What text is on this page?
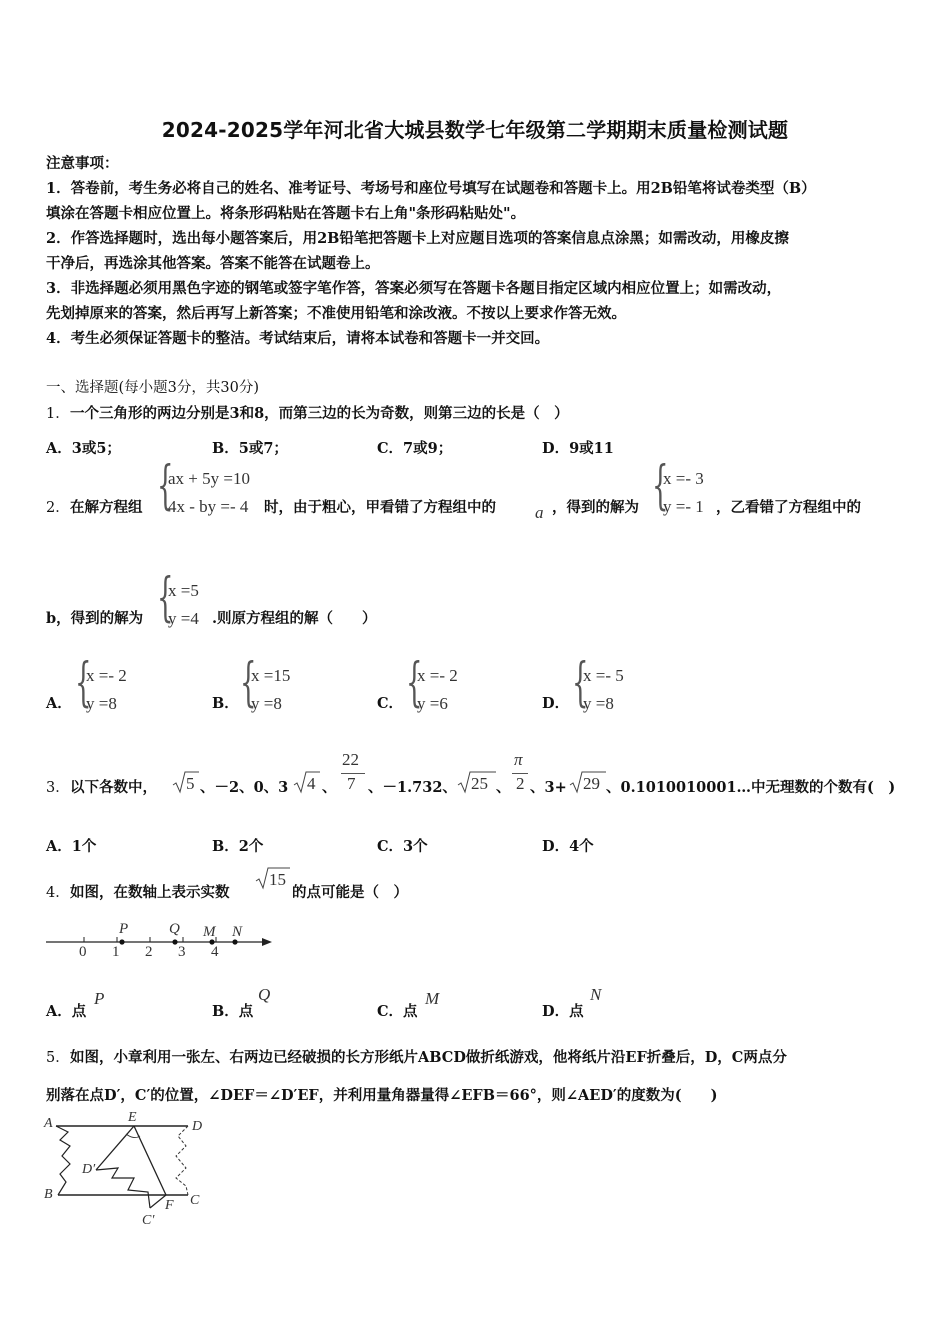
2024-2025学年河北省大城县数学七年级第二学期期末质量检测试题
注意事项：
1．答卷前，考生务必将自己的姓名、准考证号、考场号和座位号填写在试题卷和答题卡上。用2B铅笔将试卷类型（B）
填涂在答题卡相应位置上。将条形码粘贴在答题卡右上角"条形码粘贴处"。
2．作答选择题时，选出每小题答案后，用2B铅笔把答题卡上对应题目选项的答案信息点涂黑；如需改动，用橡皮擦
干净后，再选涂其他答案。答案不能答在试题卷上。
3．非选择题必须用黑色字迹的钢笔或签字笔作答，答案必须写在答题卡各题目指定区域内相应位置上；如需改动，
先划掉原来的答案，然后再写上新答案；不准使用铅笔和涂改液。不按以上要求作答无效。
4．考生必须保证答题卡的整洁。考试结束后，请将本试卷和答题卡一并交回。
一、选择题(每小题3分，共30分)
1． 一个三角形的两边分别是3和8，而第三边的长为奇数，则第三边的长是（　）
A．3或5；	B．5或7；	C．7或9；	D．9或11
2． 在解方程组 {
ax + 5y =10
4x - by =- 4 时，由于粗心，甲看错了方程组中的 a ，得到的解为 {
x =- 3
y =- 1 ，乙看错了方程组中的
b，得到的解为 {
x =5
y =4 .则原方程组的解（　　）
A． {
x =- 2
y =8	B． {
x =15
y =8	C． {
x =- 2
y =6	D． {
x =- 5
y =8
3． 以下各数中， 5 、－2、0、3 4 、
22
7 、－1.732、 25 、
π
2 、3+ 29 、0.1010010001…中无理数的个数有(　)
A．1个	B．2个	C．3个	D．4个
4． 如图，在数轴上表示实数
15
的点可能是（　）
0 1 2 3 4
P	Q M N
A．点
P
B．点
Q
C．点
M
D．点
N
5． 如图，小章利用一张左、右两边已经破损的长方形纸片ABCD做折纸游戏，他将纸片沿EF折叠后，D，C两点分
别落在点D′，C′的位置，∠DEF＝∠D′EF，并利用量角器量得∠EFB＝66°，则∠AED′的度数为(　　)
A	E
D
D′
B
F C
C′
